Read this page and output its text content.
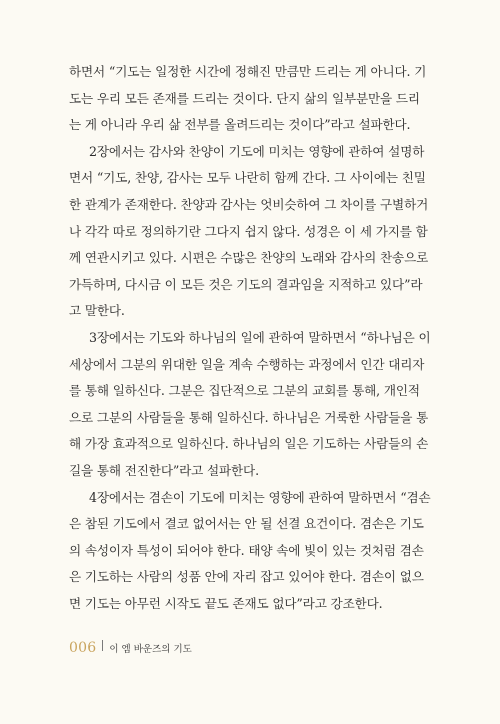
하면서 “기도는 일정한 시간에 정해진 만큼만 드리는 게 아니다. 기
도는 우리 모든 존재를 드리는 것이다. 단지 삶의 일부분만을 드리
는 게 아니라 우리 삶 전부를 올려드리는 것이다”라고 설파한다.
2장에서는 감사와 찬양이 기도에 미치는 영향에 관하여 설명하
면서 “기도, 찬양, 감사는 모두 나란히 함께 간다. 그 사이에는 친밀
한 관계가 존재한다. 찬양과 감사는 엇비슷하여 그 차이를 구별하거
나 각각 따로 정의하기란 그다지 쉽지 않다. 성경은 이 세 가지를 함
께 연관시키고 있다. 시편은 수많은 찬양의 노래와 감사의 찬송으로
가득하며, 다시금 이 모든 것은 기도의 결과임을 지적하고 있다”라
고 말한다.
3장에서는 기도와 하나님의 일에 관하여 말하면서 “하나님은 이
세상에서 그분의 위대한 일을 계속 수행하는 과정에서 인간 대리자
를 통해 일하신다. 그분은 집단적으로 그분의 교회를 통해, 개인적
으로 그분의 사람들을 통해 일하신다. 하나님은 거룩한 사람들을 통
해 가장 효과적으로 일하신다. 하나님의 일은 기도하는 사람들의 손
길을 통해 전진한다”라고 설파한다.
4장에서는 겸손이 기도에 미치는 영향에 관하여 말하면서 “겸손
은 참된 기도에서 결코 없어서는 안 될 선결 요건이다. 겸손은 기도
의 속성이자 특성이 되어야 한다. 태양 속에 빛이 있는 것처럼 겸손
은 기도하는 사람의 성품 안에 자리 잡고 있어야 한다. 겸손이 없으
면 기도는 아무런 시작도 끝도 존재도 없다”라고 강조한다.
006 이 엠 바운즈의 기도
